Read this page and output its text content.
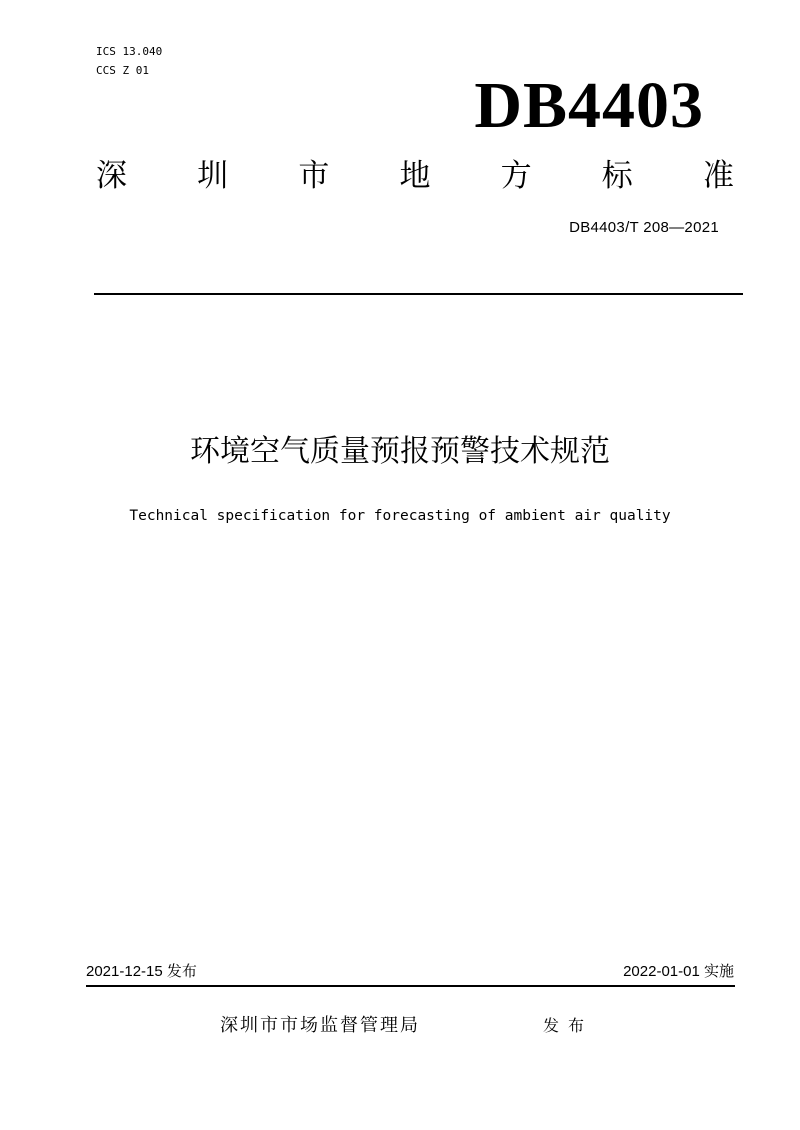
ICS 13.040
CCS Z 01	DB4403
深 圳 市 地 方 标 准
DB4403/T 208—2021
环境空气质量预报预警技术规范
Technical specification for forecasting of ambient air quality
2021-12-15 发布	2022-01-01 实施
深圳市市场监督管理局	发布
